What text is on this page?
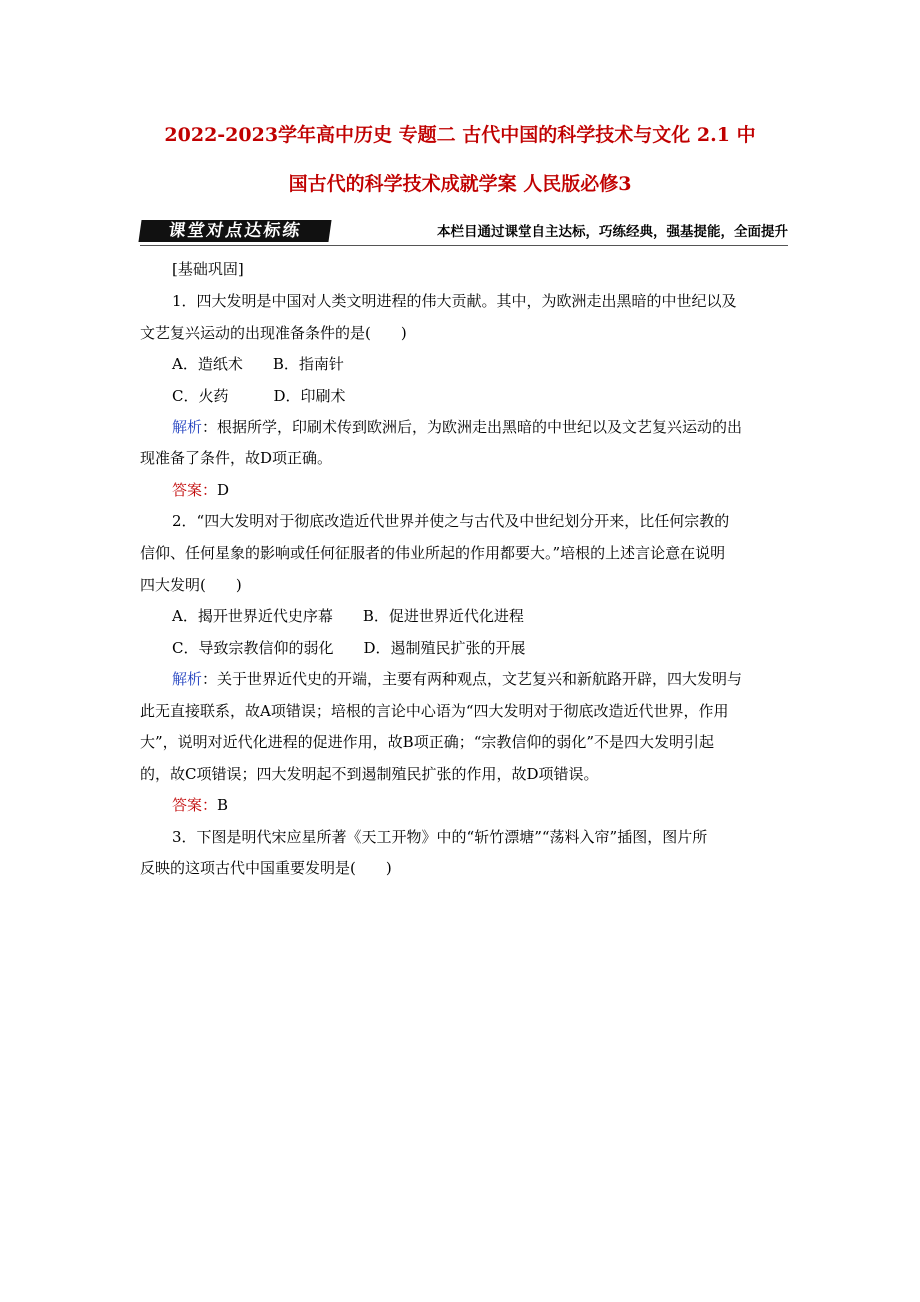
2022-2023学年高中历史 专题二 古代中国的科学技术与文化 2.1 中
国古代的科学技术成就学案 人民版必修3
课堂对点达标练	本栏目通过课堂自主达标，巧练经典，强基提能，全面提升
[基础巩固]
1．四大发明是中国对人类文明进程的伟大贡献。其中，为欧洲走出黑暗的中世纪以及
文艺复兴运动的出现准备条件的是(　　)
A．造纸术　　B．指南针
C．火药　　　D．印刷术
解析：根据所学，印刷术传到欧洲后，为欧洲走出黑暗的中世纪以及文艺复兴运动的出
现准备了条件，故D项正确。
答案：D
2．“四大发明对于彻底改造近代世界并使之与古代及中世纪划分开来，比任何宗教的
信仰、任何星象的影响或任何征服者的伟业所起的作用都要大。”培根的上述言论意在说明
四大发明(　　)
A．揭开世界近代史序幕　　B．促进世界近代化进程
C．导致宗教信仰的弱化　　D．遏制殖民扩张的开展
解析：关于世界近代史的开端，主要有两种观点，文艺复兴和新航路开辟，四大发明与
此无直接联系，故A项错误；培根的言论中心语为“四大发明对于彻底改造近代世界，作用
大”，说明对近代化进程的促进作用，故B项正确；“宗教信仰的弱化”不是四大发明引起
的，故C项错误；四大发明起不到遏制殖民扩张的作用，故D项错误。
答案：B
3．下图是明代宋应星所著《天工开物》中的“斩竹漂塘”“荡料入帘”插图，图片所
反映的这项古代中国重要发明是(　　)
